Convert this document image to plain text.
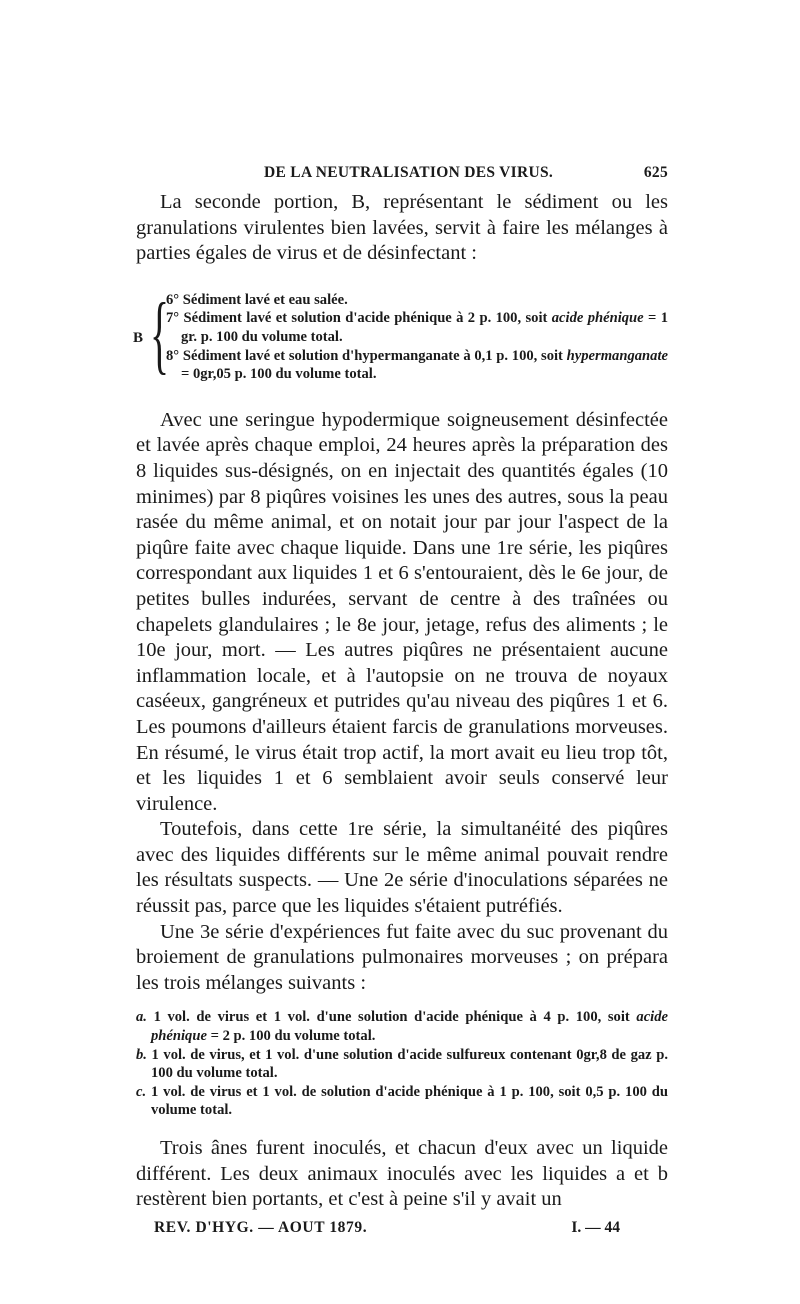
DE LA NEUTRALISATION DES VIRUS.	625

La seconde portion, B, représentant le sédiment ou les granulations virulentes bien lavées, servit à faire les mélanges à parties égales de virus et de désinfectant :

B {
6° Sédiment lavé et eau salée.
7° Sédiment lavé et solution d'acide phénique à 2 p. 100, soit acide phénique = 1 gr. p. 100 du volume total.
8° Sédiment lavé et solution d'hypermanganate à 0,1 p. 100, soit hypermanganate = 0gr,05 p. 100 du volume total.

Avec une seringue hypodermique soigneusement désinfectée et lavée après chaque emploi, 24 heures après la préparation des 8 liquides sus-désignés, on en injectait des quantités égales (10 minimes) par 8 piqûres voisines les unes des autres, sous la peau rasée du même animal, et on notait jour par jour l'aspect de la piqûre faite avec chaque liquide. Dans une 1re série, les piqûres correspondant aux liquides 1 et 6 s'entouraient, dès le 6e jour, de petites bulles indurées, servant de centre à des traînées ou chapelets glandulaires ; le 8e jour, jetage, refus des aliments ; le 10e jour, mort. — Les autres piqûres ne présentaient aucune inflammation locale, et à l'autopsie on ne trouva de noyaux caséeux, gangréneux et putrides qu'au niveau des piqûres 1 et 6. Les poumons d'ailleurs étaient farcis de granulations morveuses. En résumé, le virus était trop actif, la mort avait eu lieu trop tôt, et les liquides 1 et 6 semblaient avoir seuls conservé leur virulence.

Toutefois, dans cette 1re série, la simultanéité des piqûres avec des liquides différents sur le même animal pouvait rendre les résultats suspects. — Une 2e série d'inoculations séparées ne réussit pas, parce que les liquides s'étaient putréfiés.

Une 3e série d'expériences fut faite avec du suc provenant du broiement de granulations pulmonaires morveuses ; on prépara les trois mélanges suivants :

a. 1 vol. de virus et 1 vol. d'une solution d'acide phénique à 4 p. 100, soit acide phénique = 2 p. 100 du volume total.
b. 1 vol. de virus, et 1 vol. d'une solution d'acide sulfureux contenant 0gr,8 de gaz p. 100 du volume total.
c. 1 vol. de virus et 1 vol. de solution d'acide phénique à 1 p. 100, soit 0,5 p. 100 du volume total.

Trois ânes furent inoculés, et chacun d'eux avec un liquide différent. Les deux animaux inoculés avec les liquides a et b restèrent bien portants, et c'est à peine s'il y avait un

REV. D'HYG. — AOUT 1879.	I. — 44
